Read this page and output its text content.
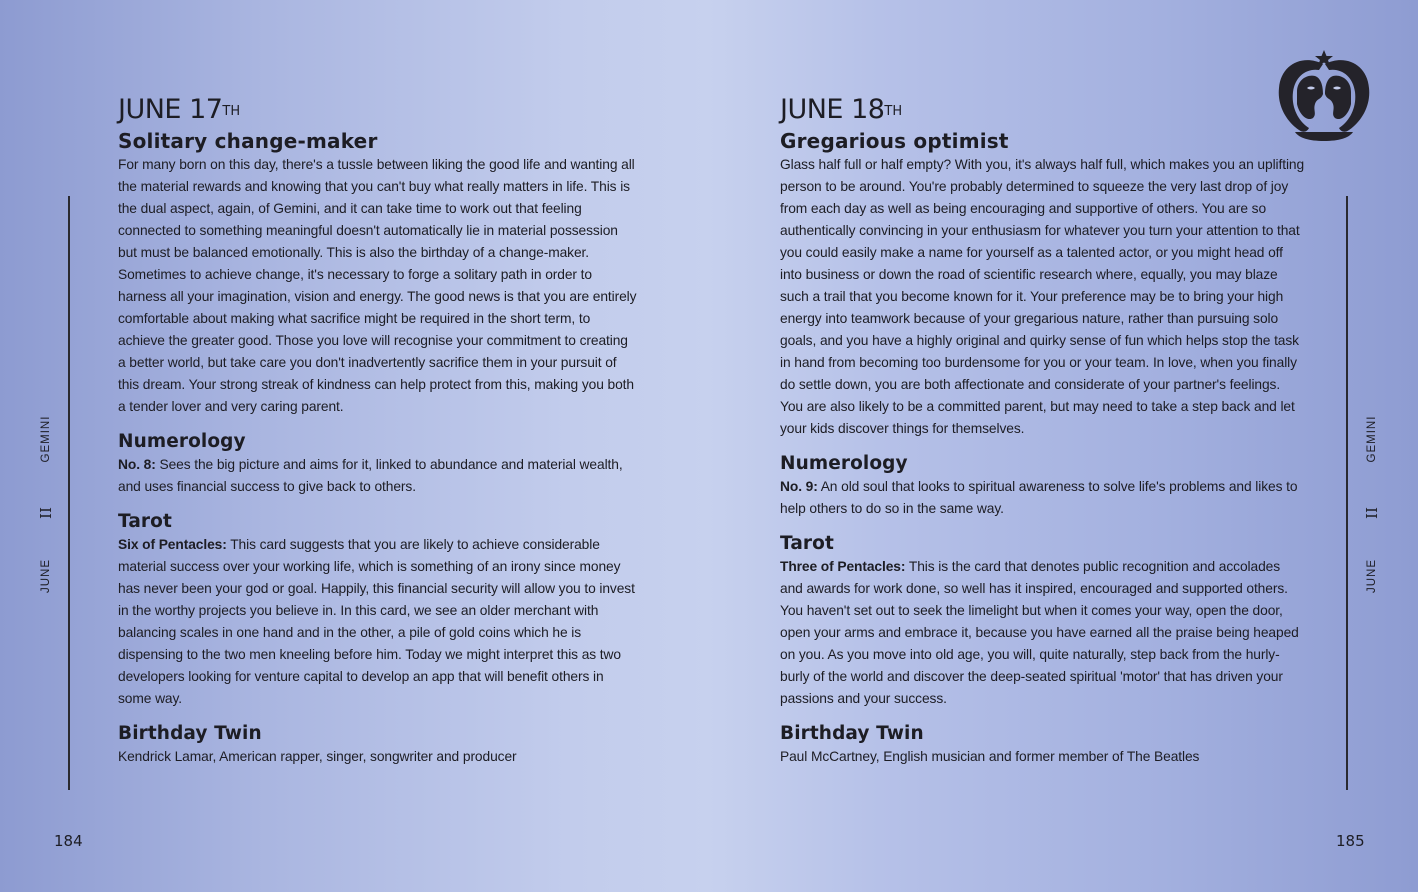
GEMINI
II
JUNE
JUNE 17TH
Solitary change-maker

For many born on this day, there's a tussle between liking the good life and wanting all the material rewards and knowing that you can't buy what really matters in life. This is the dual aspect, again, of Gemini, and it can take time to work out that feeling connected to something meaningful doesn't automatically lie in material possession but must be balanced emotionally. This is also the birthday of a change-maker. Sometimes to achieve change, it's necessary to forge a solitary path in order to harness all your imagination, vision and energy. The good news is that you are entirely comfortable about making what sacrifice might be required in the short term, to achieve the greater good. Those you love will recognise your commitment to creating a better world, but take care you don't inadvertently sacrifice them in your pursuit of this dream. Your strong streak of kindness can help protect from this, making you both a tender lover and very caring parent.

Numerology

No. 8: Sees the big picture and aims for it, linked to abundance and material wealth, and uses financial success to give back to others.

Tarot

Six of Pentacles: This card suggests that you are likely to achieve considerable material success over your working life, which is something of an irony since money has never been your god or goal. Happily, this financial security will allow you to invest in the worthy projects you believe in. In this card, we see an older merchant with balancing scales in one hand and in the other, a pile of gold coins which he is dispensing to the two men kneeling before him. Today we might interpret this as two developers looking for venture capital to develop an app that will benefit others in some way.

Birthday Twin

Kendrick Lamar, American rapper, singer, songwriter and producer

184
GEMINI
II
JUNE
JUNE 18TH
Gregarious optimist

Glass half full or half empty? With you, it's always half full, which makes you an uplifting person to be around. You're probably determined to squeeze the very last drop of joy from each day as well as being encouraging and supportive of others. You are so authentically convincing in your enthusiasm for whatever you turn your attention to that you could easily make a name for yourself as a talented actor, or you might head off into business or down the road of scientific research where, equally, you may blaze such a trail that you become known for it. Your preference may be to bring your high energy into teamwork because of your gregarious nature, rather than pursuing solo goals, and you have a highly original and quirky sense of fun which helps stop the task in hand from becoming too burdensome for you or your team. In love, when you finally do settle down, you are both affectionate and considerate of your partner's feelings. You are also likely to be a committed parent, but may need to take a step back and let your kids discover things for themselves.

Numerology

No. 9: An old soul that looks to spiritual awareness to solve life's problems and likes to help others to do so in the same way.

Tarot

Three of Pentacles: This is the card that denotes public recognition and accolades and awards for work done, so well has it inspired, encouraged and supported others. You haven't set out to seek the limelight but when it comes your way, open the door, open your arms and embrace it, because you have earned all the praise being heaped on you. As you move into old age, you will, quite naturally, step back from the hurly-burly of the world and discover the deep-seated spiritual 'motor' that has driven your passions and your success.

Birthday Twin

Paul McCartney, English musician and former member of The Beatles

185
